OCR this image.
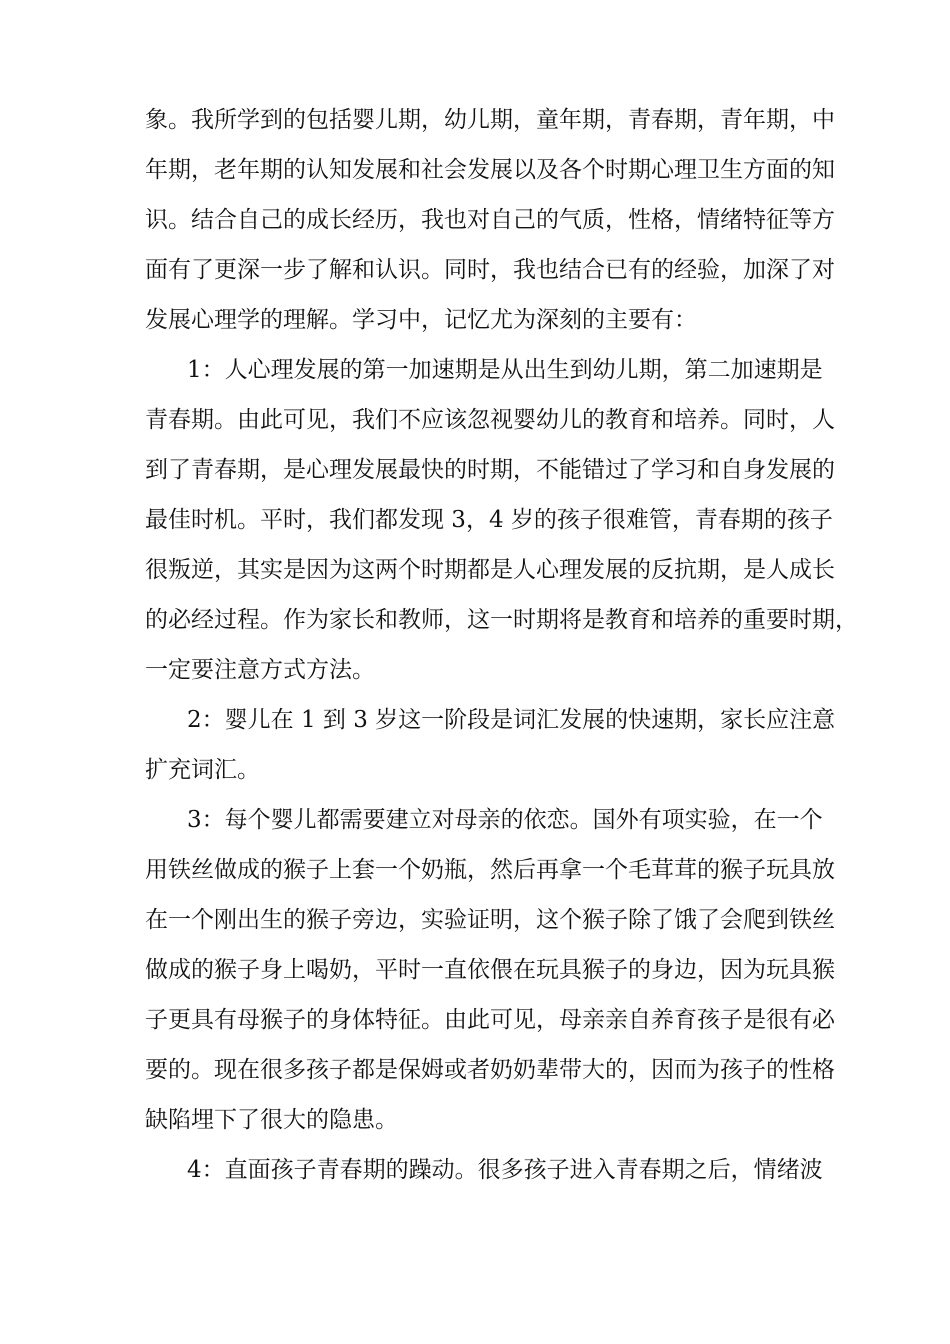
象。我所学到的包括婴儿期，幼儿期，童年期，青春期，青年期，中
年期，老年期的认知发展和社会发展以及各个时期心理卫生方面的知
识。结合自己的成长经历，我也对自己的气质，性格，情绪特征等方
面有了更深一步了解和认识。同时，我也结合已有的经验，加深了对
发展心理学的理解。学习中，记忆尤为深刻的主要有：
1：人心理发展的第一加速期是从出生到幼儿期，第二加速期是
青春期。由此可见，我们不应该忽视婴幼儿的教育和培养。同时，人
到了青春期，是心理发展最快的时期，不能错过了学习和自身发展的
最佳时机。平时，我们都发现 3，4 岁的孩子很难管，青春期的孩子
很叛逆，其实是因为这两个时期都是人心理发展的反抗期，是人成长
的必经过程。作为家长和教师，这一时期将是教育和培养的重要时期，
一定要注意方式方法。
2：婴儿在 1 到 3 岁这一阶段是词汇发展的快速期，家长应注意
扩充词汇。
3：每个婴儿都需要建立对母亲的依恋。国外有项实验，在一个
用铁丝做成的猴子上套一个奶瓶，然后再拿一个毛茸茸的猴子玩具放
在一个刚出生的猴子旁边，实验证明，这个猴子除了饿了会爬到铁丝
做成的猴子身上喝奶，平时一直依偎在玩具猴子的身边，因为玩具猴
子更具有母猴子的身体特征。由此可见，母亲亲自养育孩子是很有必
要的。现在很多孩子都是保姆或者奶奶辈带大的，因而为孩子的性格
缺陷埋下了很大的隐患。
4：直面孩子青春期的躁动。很多孩子进入青春期之后，情绪波
